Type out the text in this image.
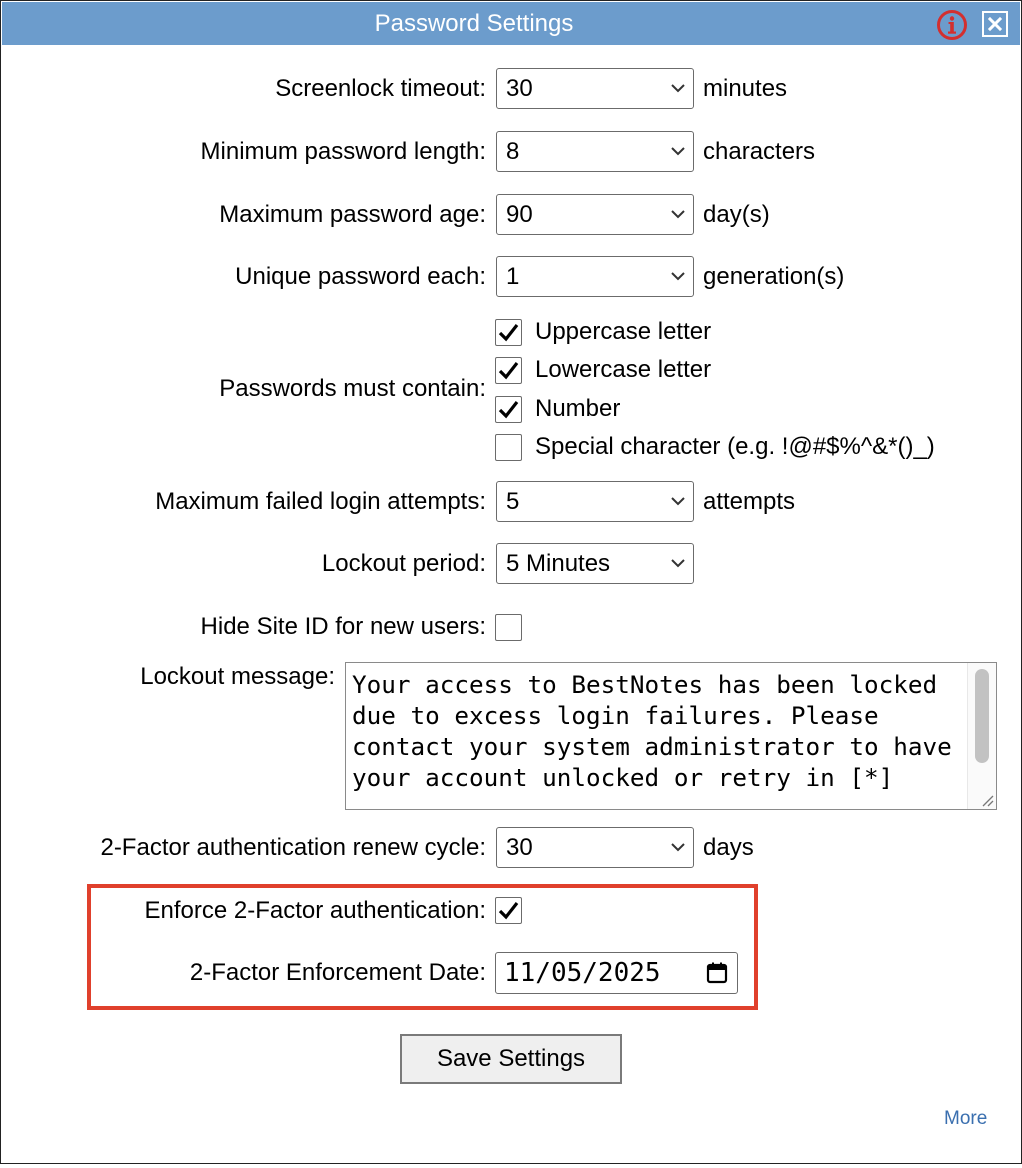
Password Settings
Screenlock timeout: 30	minutes
Minimum password length: 8	characters
Maximum password age: 90	day(s)
Unique password each: 1	generation(s)
Passwords must contain:
Uppercase letter
Lowercase letter
Number
Special character (e.g. !@#$%^&*()_)
Maximum failed login attempts: 5	attempts
Lockout period: 5 Minutes
Hide Site ID for new users:
Lockout message: Your access to BestNotes has been locked due to excess login failures. Please contact your system administrator to have your account unlocked or retry in [*]
2-Factor authentication renew cycle: 30	days
Enforce 2-Factor authentication:
2-Factor Enforcement Date: 11/05/2025
Save Settings
More
